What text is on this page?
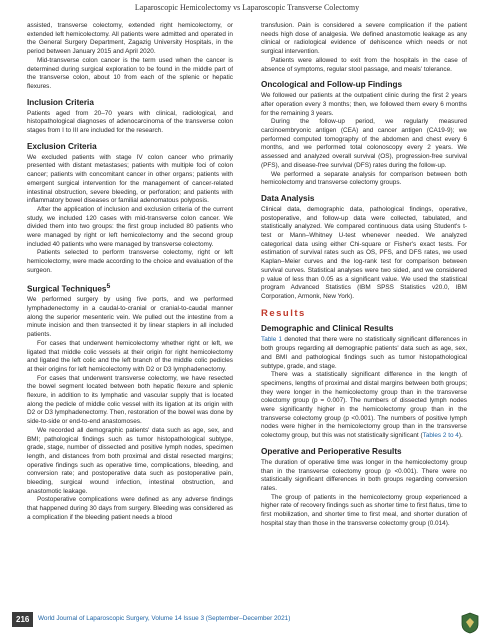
Laparoscopic Hemicolectomy vs Laparoscopic Transverse Colectomy

assisted, transverse colectomy, extended right hemicolectomy, or extended left hemicolectomy. All patients were admitted and operated in the General Surgery Department, Zagazig University Hospitals, in the period between January 2015 and April 2020.

Mid-transverse colon cancer is the term used when the cancer is determined during surgical exploration to be found in the middle part of the transverse colon, about 10 from each of the splenic or hepatic flexures.

Inclusion Criteria

Patients aged from 20–70 years with clinical, radiological, and histopathological diagnoses of adenocarcinoma of the transverse colon stages from I to III are included for the research.

Exclusion Criteria

We excluded patients with stage IV colon cancer who primarily presented with distant metastases; patients with multiple foci of colon cancer; patients with concomitant cancer in other organs; patients with emergent surgical intervention for the management of cancer-related intestinal obstruction, severe bleeding, or perforation; and patients with inflammatory bowel diseases or familial adenomatous polyposis.

After the application of inclusion and exclusion criteria of the current study, we included 120 cases with mid-transverse colon cancer. We divided them into two groups: the first group included 80 patients who were managed by right or left hemicolectomy and the second group included 40 patients who were managed by transverse colectomy.

Patients selected to perform transverse colectomy, right or left hemicolectomy, were made according to the choice and evaluation of the surgeon.

Surgical Techniques$^5$

We performed surgery by using five ports, and we performed lymphadenectomy in a caudal-to-cranial or cranial-to-caudal manner along the superior mesenteric vein. We pulled out the intestine from a minute incision and then transected it by linear staplers in all included patients.

For cases that underwent hemicolectomy whether right or left, we ligated that middle colic vessels at their origin for right hemicolectomy and ligated the left colic and the left branch of the middle colic pedicles at their origins for left hemicolectomy with D2 or D3 lymphadenectomy.

For cases that underwent transverse colectomy, we have resected the bowel segment located between both hepatic flexure and splenic flexure, in addition to its lymphatic and vascular supply that is located along the pedicle of middle colic vessel with its ligation at its origin with D2 or D3 lymphadenectomy. Then, restoration of the bowel was done by side-to-side or end-to-end anastomoses.

We recorded all demographic patients' data such as age, sex, and BMI; pathological findings such as tumor histopathological subtype, grade, stage, number of dissected and positive lymph nodes, specimen length, and distances from both proximal and distal resected margins; operative findings such as operative time, complications, bleeding, and conversion rate; and postoperative data such as postoperative pain, bleeding, surgical wound infection, intestinal obstruction, and anastomotic leakage.

Postoperative complications were defined as any adverse findings that happened during 30 days from surgery. Bleeding was considered as a complication if the bleeding patient needs a blood

transfusion. Pain is considered a severe complication if the patient needs high dose of analgesia. We defined anastomotic leakage as any clinical or radiological evidence of dehiscence which needs or not surgical intervention.

Patients were allowed to exit from the hospitals in the case of absence of symptoms, regular stool passage, and meals' tolerance.

Oncological and Follow-up Findings

We followed our patients at the outpatient clinic during the first 2 years after operation every 3 months; then, we followed them every 6 months for the remaining 3 years.

During the follow-up period, we regularly measured carcinoembryonic antigen (CEA) and cancer antigen (CA19-9); we performed computed tomography of the abdomen and chest every 6 months, and we performed total colonoscopy every 2 years. We assessed and analyzed overall survival (OS), progression-free survival (PFS), and disease-free survival (DFS) rates during the follow-up.

We performed a separate analysis for comparison between both hemicolectomy and transverse colectomy groups.

Data Analysis

Clinical data, demographic data, pathological findings, operative, postoperative, and follow-up data were collected, tabulated, and statistically analyzed. We compared continuous data using Student's t-test or Mann–Whitney U-test whenever needed. We analyzed categorical data using either Chi-square or Fisher's exact tests. For estimation of survival rates such as OS, PFS, and DFS rates, we used Kaplan–Meier curves and the log-rank test for comparison between survival curves. Statistical analyses were two sided, and we considered p value of less than 0.05 as a significant value. We used the statistical program Advanced Statistics (IBM SPSS Statistics v20.0, IBM Corporation, Armonk, New York).

Results
Demographic and Clinical Results

Table 1 denoted that there were no statistically significant differences in both groups regarding all demographic patients' data such as age, sex, and BMI and pathological findings such as tumor histopathological subtype, grade, and stage.

There was a statistically significant difference in the length of specimens, lengths of proximal and distal margins between both groups; they were longer in the hemicolectomy group than in the transverse colectomy group (p = 0.007). The numbers of dissected lymph nodes were significantly higher in the hemicolectomy group than in the transverse colectomy group (p <0.001). The numbers of positive lymph nodes were higher in the hemicolectomy group than in the transverse colectomy group, but this was not statistically significant (Tables 2 to 4).

Operative and Perioperative Results

The duration of operative time was longer in the hemicolectomy group than in the transverse colectomy group (p <0.001). There were no statistically significant differences in both groups regarding conversion rates.

The group of patients in the hemicolectomy group experienced a higher rate of recovery findings such as shorter time to first flatus, time to first mobilization, and shorter time to first meal, and shorter duration of hospital stay than those in the transverse colectomy group (0.014).

216	World Journal of Laparoscopic Surgery, Volume 14 Issue 3 (September–December 2021)
